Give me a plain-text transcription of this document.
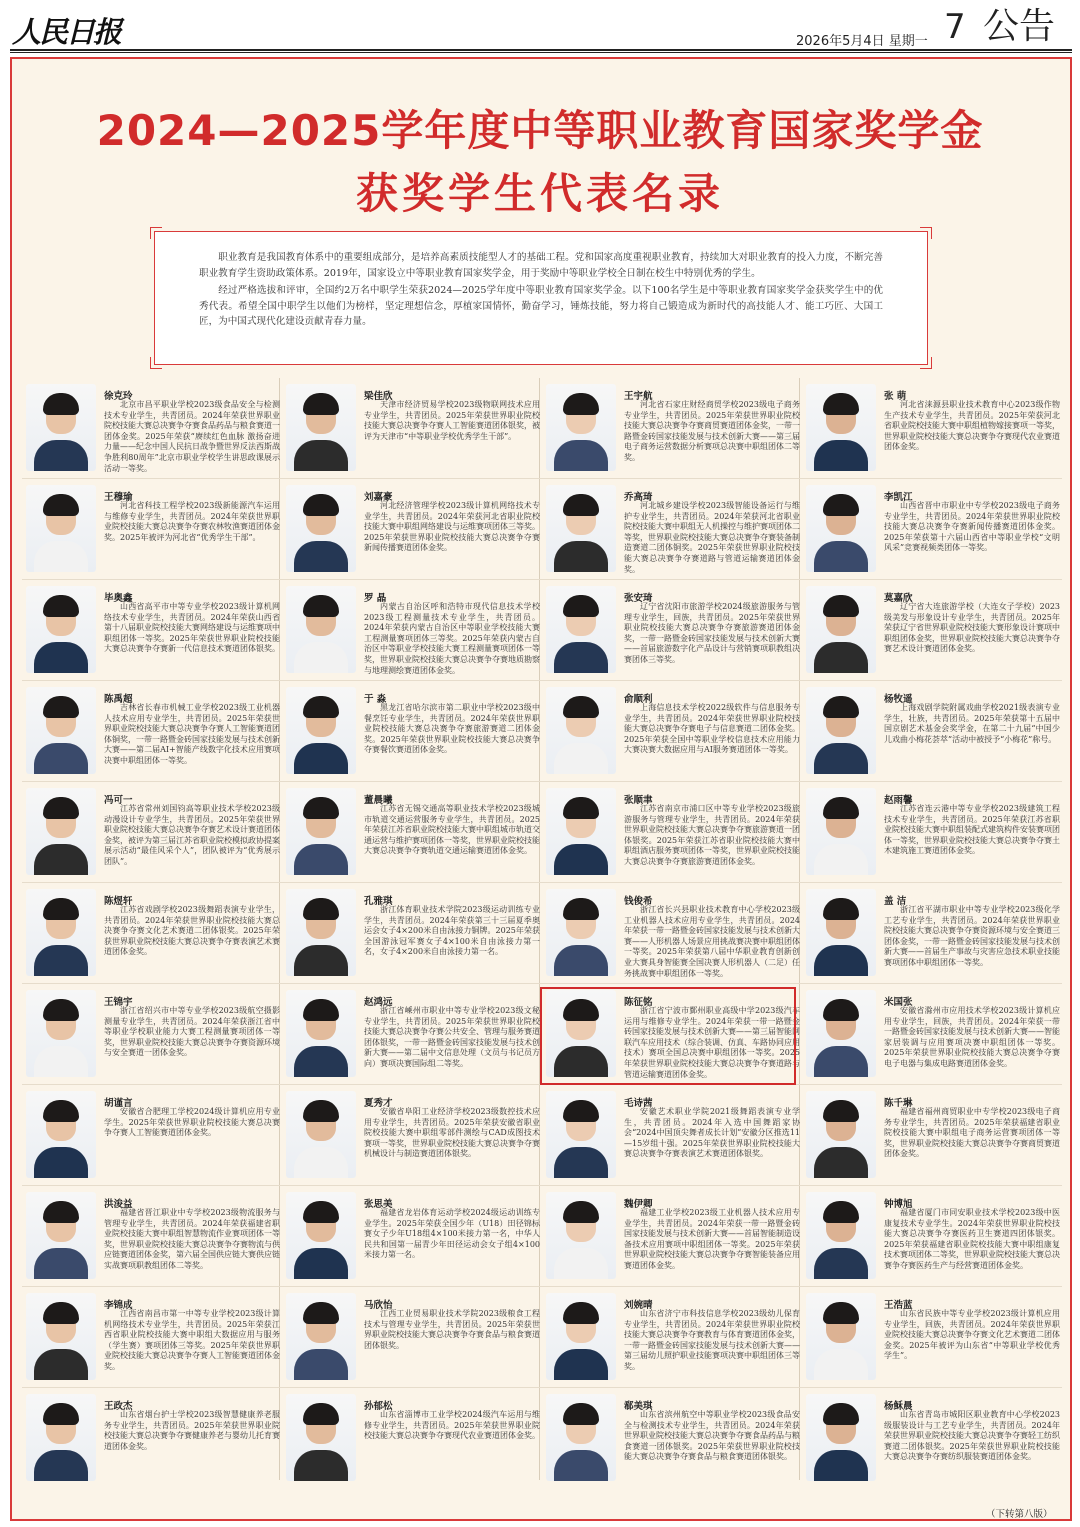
人民日报	2026年5月4日 星期一 7 公告
2024—2025学年度中等职业教育国家奖学金
获奖学生代表名录

职业教育是我国教育体系中的重要组成部分，是培养高素质技能型人才的基础工程。党和国家高度重视职业教育，持续加大对职业教育的投入力度，不断完善职业教育学生资助政策体系。2019年，国家设立中等职业教育国家奖学金，用于奖励中等职业学校全日制在校生中特别优秀的学生。

经过严格选拔和评审，全国约2万名中职学生荣获2024—2025学年度中等职业教育国家奖学金。以下100名学生是中等职业教育国家奖学金获奖学生中的优秀代表。希望全国中职学生以他们为榜样，坚定理想信念，厚植家国情怀，勤奋学习，锤炼技能，努力将自己锻造成为新时代的高技能人才、能工巧匠、大国工匠，为中国式现代化建设贡献青春力量。

徐克玲
北京市昌平职业学校2023级食品安全与检测技术专业学生，共青团员。2024年荣获世界职业院校技能大赛总决赛争夺赛食品药品与粮食赛道一团体金奖。2025年荣获“赓续红色血脉 激扬奋进力量——纪念中国人民抗日战争暨世界反法西斯战争胜利80周年”北京市职业学校学生讲思政课展示活动一等奖。
梁佳欣
天津市经济贸易学校2023级物联网技术应用专业学生，共青团员。2025年荣获世界职业院校技能大赛总决赛争夺赛人工智能赛道团体银奖，被评为天津市“中等职业学校优秀学生干部”。
王宇航
河北省石家庄财经商贸学校2023级电子商务专业学生，共青团员。2025年荣获世界职业院校技能大赛总决赛争夺赛商贸赛道团体金奖，一带一路暨金砖国家技能发展与技术创新大赛——第三届电子商务运营数据分析赛项总决赛中职组团体二等奖。
张 萌
河北省涞源县职业技术教育中心2023级作物生产技术专业学生，共青团员。2025年荣获河北省职业院校技能大赛中职组植物嫁接赛项一等奖，世界职业院校技能大赛总决赛争夺赛现代农业赛道团体金奖。
王穆瑜
河北省科技工程学校2023级新能源汽车运用与维修专业学生，共青团员。2024年荣获世界职业院校技能大赛总决赛争夺赛农林牧渔赛道团体金奖。2025年被评为河北省“优秀学生干部”。
刘嘉豪
河北经济管理学校2023级计算机网络技术专业学生，共青团员。2024年荣获河北省职业院校技能大赛中职组网络建设与运维赛项团体三等奖。2025年荣获世界职业院校技能大赛总决赛争夺赛新闻传播赛道团体金奖。
乔高琦
河北城乡建设学校2023级智能设备运行与维护专业学生，共青团员。2024年荣获河北省职业院校技能大赛中职组无人机操控与维护赛项团体二等奖，世界职业院校技能大赛总决赛争夺赛装备制造赛道二团体铜奖。2025年荣获世界职业院校技能大赛总决赛争夺赛道路与管道运输赛道团体金奖。
李凯江
山西省晋中市职业中专学校2023级电子商务专业学生，共青团员。2024年荣获世界职业院校技能大赛总决赛争夺赛新闻传播赛道团体金奖。2025年荣获第十六届山西省中等职业学校“文明风采”竞赛视频类团体一等奖。
毕奥鑫
山西省高平市中等专业学校2023级计算机网络技术专业学生，共青团员。2024年荣获山西省第十八届职业院校技能大赛网络建设与运维赛项中职组团体一等奖。2025年荣获世界职业院校技能大赛总决赛争夺赛新一代信息技术赛道团体银奖。
罗 晶
内蒙古自治区呼和浩特市现代信息技术学校2023级工程测量技术专业学生，共青团员。2024年荣获内蒙古自治区中等职业学校技能大赛工程测量赛项团体三等奖。2025年荣获内蒙古自治区中等职业学校技能大赛工程测量赛项团体一等奖，世界职业院校技能大赛总决赛争夺赛地质勘察与地理测绘赛道团体金奖。
张安琦
辽宁省沈阳市旅游学校2024级旅游服务与管理专业学生，回族，共青团员。2025年荣获世界职业院校技能大赛总决赛争夺赛旅游赛道团体金奖，一带一路暨金砖国家技能发展与技术创新大赛——首届旅游数字化产品设计与营销赛项职教组决赛团体三等奖。
莫嘉欣
辽宁省大连旅游学校（大连女子学校）2023级美发与形象设计专业学生，共青团员。2025年荣获辽宁省世界职业院校技能大赛形象设计赛项中职组团体金奖，世界职业院校技能大赛总决赛争夺赛艺术设计赛道团体金奖。
陈禹超
吉林省长春市机械工业学校2023级工业机器人技术应用专业学生，共青团员。2025年荣获世界职业院校技能大赛总决赛争夺赛人工智能赛道团体铜奖，一带一路暨金砖国家技能发展与技术创新大赛——第二届AI+智能产线数字化技术应用赛项决赛中职组团体一等奖。
于 淼
黑龙江省哈尔滨市第二职业中学校2023级中餐烹饪专业学生，共青团员。2024年荣获世界职业院校技能大赛总决赛争夺赛旅游赛道二团体金奖。2025年荣获世界职业院校技能大赛总决赛争夺赛餐饮赛道团体金奖。
俞顺利
上海信息技术学校2022级软件与信息服务专业学生，共青团员。2024年荣获世界职业院校技能大赛总决赛争夺赛电子与信息赛道二团体金奖。2025年荣获全国中等职业学校信息技术应用能力大赛决赛大数据应用与AI服务赛道团体一等奖。
杨牧遥
上海戏剧学院附属戏曲学校2021级表演专业学生，壮族，共青团员。2025年荣获第十五届中国京剧艺术基金会奖学金，在第二十九届“中国少儿戏曲小梅花荟萃”活动中被授予“小梅花”称号。
冯可一
江苏省常州刘国钧高等职业技术学校2023级动漫设计专业学生，共青团员。2025年荣获世界职业院校技能大赛总决赛争夺赛艺术设计赛道团体金奖，被评为第三届江苏省职业院校模拟政协提案展示活动“最佳风采个人”，团队被评为“优秀展示团队”。
董晨曦
江苏省无锡交通高等职业技术学校2023级城市轨道交通运营服务专业学生，共青团员。2025年荣获江苏省职业院校技能大赛中职组城市轨道交通运营与维护赛项团体一等奖，世界职业院校技能大赛总决赛争夺赛轨道交通运输赛道团体金奖。
张顺聿
江苏省南京市浦口区中等专业学校2023级旅游服务与管理专业学生，共青团员。2024年荣获世界职业院校技能大赛总决赛争夺赛旅游赛道一团体银奖。2025年荣获江苏省职业院校技能大赛中职组酒店服务赛项团体一等奖，世界职业院校技能大赛总决赛争夺赛旅游赛道团体金奖。
赵雨馨
江苏省连云港中等专业学校2023级建筑工程技术专业学生，共青团员。2025年荣获江苏省职业院校技能大赛中职组装配式建筑构件安装赛项团体一等奖，世界职业院校技能大赛总决赛争夺赛土木建筑施工赛道团体金奖。
陈煜轩
江苏省戏剧学校2023级舞蹈表演专业学生，共青团员。2024年荣获世界职业院校技能大赛总决赛争夺赛文化艺术赛道二团体银奖。2025年荣获世界职业院校技能大赛总决赛争夺赛表演艺术赛道团体金奖。
孔雅琪
浙江体育职业技术学院2023级运动训练专业学生，共青团员。2024年荣获第三十三届夏季奥运会女子4×200米自由泳接力铜牌。2025年荣获全国游泳冠军赛女子4×100米自由泳接力第一名，女子4×200米自由泳接力第一名。
钱俊希
浙江省长兴县职业技术教育中心学校2023级工业机器人技术应用专业学生，共青团员。2024年荣获一带一路暨金砖国家技能发展与技术创新大赛——人形机器人场景应用挑战赛决赛中职组团体一等奖。2025年荣获第八届中华职业教育创新创业大赛具身智能赛全国决赛人形机器人（二足）任务挑战赛中职组团体一等奖。
盖 洁
浙江省平湖市职业中等专业学校2023级化学工艺专业学生，共青团员。2024年荣获世界职业院校技能大赛总决赛争夺赛资源环境与安全赛道三团体金奖，一带一路暨金砖国家技能发展与技术创新大赛——首届生产事故与灾害应急技术职业技能赛项团体中职组团体一等奖。
王锦宇
浙江省绍兴市中等专业学校2023级航空摄影测量专业学生，共青团员。2024年荣获浙江省中等职业学校职业能力大赛工程测量赛项团体一等奖，世界职业院校技能大赛总决赛争夺赛资源环境与安全赛道一团体金奖。
赵鸿远
浙江省嵊州市职业中等专业学校2023级文秘专业学生，共青团员。2025年荣获世界职业院校技能大赛总决赛争夺赛公共安全、管理与服务赛道团体银奖，一带一路暨金砖国家技能发展与技术创新大赛——第二届中文信息处理（文员与书记员方向）赛项决赛国际组二等奖。
陈征铭
浙江省宁波市鄞州职业高级中学2023级汽车运用与维修专业学生。2024年荣获一带一路暨金砖国家技能发展与技术创新大赛——第三届智能网联汽车应用技术（综合装调、仿真、车路协同应用技术）赛项全国总决赛中职组团体一等奖。2025年荣获世界职业院校技能大赛总决赛争夺赛道路与管道运输赛道团体金奖。
米国张
安徽省滁州市应用技术学校2023级计算机应用专业学生，回族，共青团员。2024年荣获一带一路暨金砖国家技能发展与技术创新大赛——智能家居装调与应用赛项决赛中职组团体一等奖。2025年荣获世界职业院校技能大赛总决赛争夺赛电子电器与集成电路赛道团体金奖。
胡谨言
安徽省合肥理工学校2024级计算机应用专业学生。2025年荣获世界职业院校技能大赛总决赛争夺赛人工智能赛道团体金奖。
夏秀才
安徽省阜阳工业经济学校2023级数控技术应用专业学生，共青团员。2025年荣获安徽省职业院校技能大赛中职组零部件测绘与CAD成图技术赛项一等奖，世界职业院校技能大赛总决赛争夺赛机械设计与制造赛道团体银奖。
毛诗茜
安徽艺术职业学院2021级舞蹈表演专业学生，共青团员。2024年入选中国舞蹈家协会“2024中国顶尖舞者成长计划”安徽分区推选11—15岁组十强。2025年荣获世界职业院校技能大赛总决赛争夺赛表演艺术赛道团体银奖。
陈千琳
福建省福州商贸职业中专学校2023级电子商务专业学生，共青团员。2025年荣获福建省职业院校技能大赛中职组电子商务运营赛项团体一等奖，世界职业院校技能大赛总决赛争夺赛商贸赛道团体金奖。
洪浚益
福建省晋江职业中专学校2023级物流服务与管理专业学生，共青团员。2024年荣获福建省职业院校技能大赛中职组智慧物流作业赛项团体一等奖，世界职业院校技能大赛总决赛争夺赛物流与供应链赛道团体金奖，第六届全国供应链大赛供应链实战赛项职教组团体二等奖。
张思美
福建省龙岩体育运动学校2024级运动训练专业学生。2025年荣获全国少年（U18）田径锦标赛女子少年U18组4×100米接力第一名，中华人民共和国第一届青少年田径运动会女子组4×100米接力第一名。
魏伊卿
福建工业学校2023级工业机器人技术应用专业学生，共青团员。2024年荣获一带一路暨金砖国家技能发展与技术创新大赛——首届智能制造设备技术应用赛项中职组团体一等奖。2025年荣获世界职业院校技能大赛总决赛争夺赛智能装备应用赛道团体金奖。
钟博旭
福建省厦门市同安职业技术学校2023级中医康复技术专业学生。2024年荣获世界职业院校技能大赛总决赛争夺赛医药卫生赛道四团体银奖。2025年荣获福建省职业院校技能大赛中职组康复技术赛项团体二等奖，世界职业院校技能大赛总决赛争夺赛医药生产与经营赛道团体金奖。
李锦成
江西省南昌市第一中等专业学校2023级计算机网络技术专业学生，共青团员。2025年荣获江西省职业院校技能大赛中职组大数据应用与服务（学生赛）赛项团体三等奖。2025年荣获世界职业院校技能大赛总决赛争夺赛人工智能赛道团体金奖。
马欣怡
江西工业贸易职业技术学院2023级粮食工程技术与管理专业学生，共青团员。2025年荣获世界职业院校技能大赛总决赛争夺赛食品与粮食赛道团体银奖。
刘婉晴
山东省济宁市科技信息学校2023级幼儿保育专业学生，共青团员。2024年荣获世界职业院校技能大赛总决赛争夺赛教育与体育赛道团体金奖，一带一路暨金砖国家技能发展与技术创新大赛——第三届幼儿照护职业技能赛项决赛中职组团体三等奖。
王浩蓝
山东省民族中等专业学校2023级计算机应用专业学生，回族，共青团员。2024年荣获世界职业院校技能大赛总决赛争夺赛文化艺术赛道二团体金奖。2025年被评为山东省“中等职业学校优秀学生”。
王政杰
山东省烟台护士学校2023级智慧健康养老服务专业学生，共青团员。2025年荣获世界职业院校技能大赛总决赛争夺赛健康养老与婴幼儿托育赛道团体金奖。
孙郁松
山东省淄博市工业学校2024级汽车运用与维修专业学生，共青团员。2025年荣获世界职业院校技能大赛总决赛争夺赛现代农业赛道团体金奖。
郗美琪
山东省滨州航空中等职业学校2023级食品安全与检测技术专业学生，共青团员。2024年荣获世界职业院校技能大赛总决赛争夺赛食品药品与粮食赛道一团体银奖。2025年荣获世界职业院校技能大赛总决赛争夺赛食品与粮食赛道团体银奖。
杨稣晨
山东省青岛市城阳区职业教育中心学校2023级服装设计与工艺专业学生，共青团员。2024年荣获世界职业院校技能大赛总决赛争夺赛轻工纺织赛道二团体银奖。2025年荣获世界职业院校技能大赛总决赛争夺赛纺织服装赛道团体金奖。
（下转第八版）
